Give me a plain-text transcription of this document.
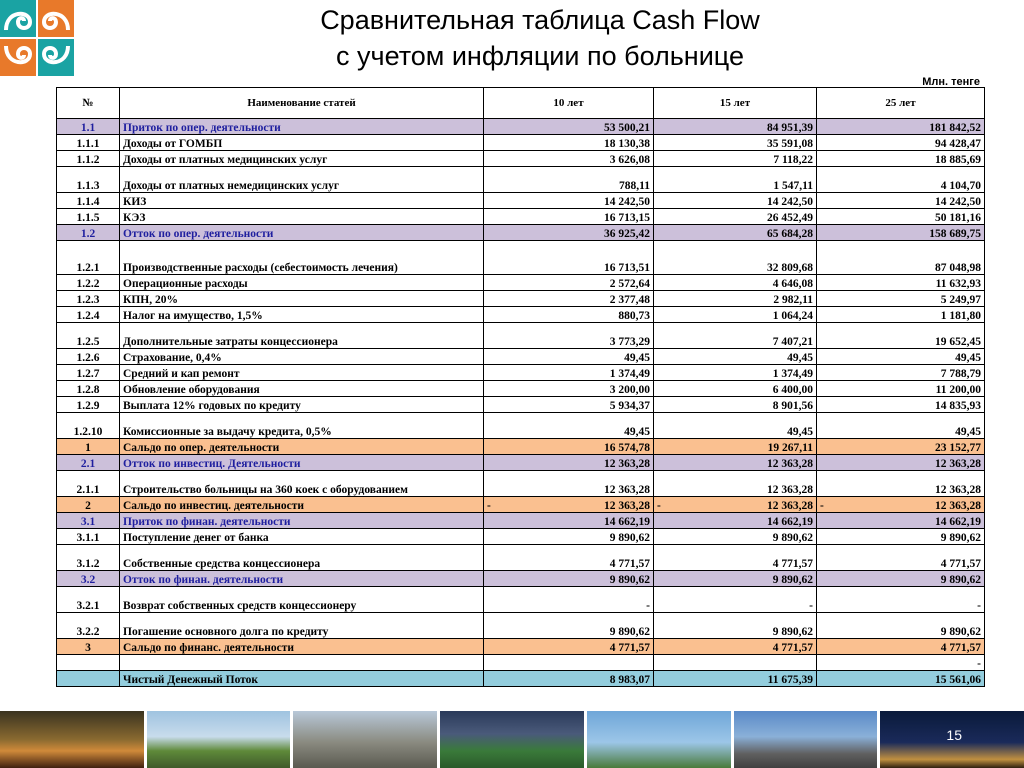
Сравнительная таблица Cash Flow
с учетом инфляции по больнице
Млн. тенге
№	Наименование статей	10 лет	15 лет	25 лет
1.1	Приток по опер. деятельности	53 500,21	84 951,39	181 842,52
1.1.1	Доходы от ГОМБП	18 130,38	35 591,08	94 428,47
1.1.2	Доходы от платных медицинских услуг	3 626,08	7 118,22	18 885,69
1.1.3	Доходы от платных немедицинских услуг	788,11	1 547,11	4 104,70
1.1.4	КИЗ	14 242,50	14 242,50	14 242,50
1.1.5	КЭЗ	16 713,15	26 452,49	50 181,16
1.2	Отток по опер. деятельности	36 925,42	65 684,28	158 689,75
1.2.1	Производственные расходы (себестоимость лечения)	16 713,51	32 809,68	87 048,98
1.2.2	Операционные расходы	2 572,64	4 646,08	11 632,93
1.2.3	КПН, 20%	2 377,48	2 982,11	5 249,97
1.2.4	Налог на имущество, 1,5%	880,73	1 064,24	1 181,80
1.2.5	Дополнительные затраты концессионера	3 773,29	7 407,21	19 652,45
1.2.6	Страхование, 0,4%	49,45	49,45	49,45
1.2.7	Средний и кап ремонт	1 374,49	1 374,49	7 788,79
1.2.8	Обновление оборудования	3 200,00	6 400,00	11 200,00
1.2.9	Выплата 12% годовых по кредиту	5 934,37	8 901,56	14 835,93
1.2.10	Комиссионные за выдачу кредита, 0,5%	49,45	49,45	49,45
1	Сальдо по опер. деятельности	16 574,78	19 267,11	23 152,77
2.1	Отток по инвестиц. Деятельности	12 363,28	12 363,28	12 363,28
2.1.1	Строительство больницы на 360 коек с оборудованием	12 363,28	12 363,28	12 363,28
2	Сальдо по инвестиц. деятельности	- 12 363,28	- 12 363,28	- 12 363,28
3.1	Приток по финан. деятельности	14 662,19	14 662,19	14 662,19
3.1.1	Поступление денег от банка	9 890,62	9 890,62	9 890,62
3.1.2	Собственные средства концессионера	4 771,57	4 771,57	4 771,57
3.2	Отток по финан. деятельности	9 890,62	9 890,62	9 890,62
3.2.1	Возврат собственных средств концессионеру	-	-	-
3.2.2	Погашение основного долга по кредиту	9 890,62	9 890,62	9 890,62
3	Сальдо по финанс. деятельности	4 771,57	4 771,57	4 771,57
				-
	Чистый Денежный Поток	8 983,07	11 675,39	15 561,06
15
